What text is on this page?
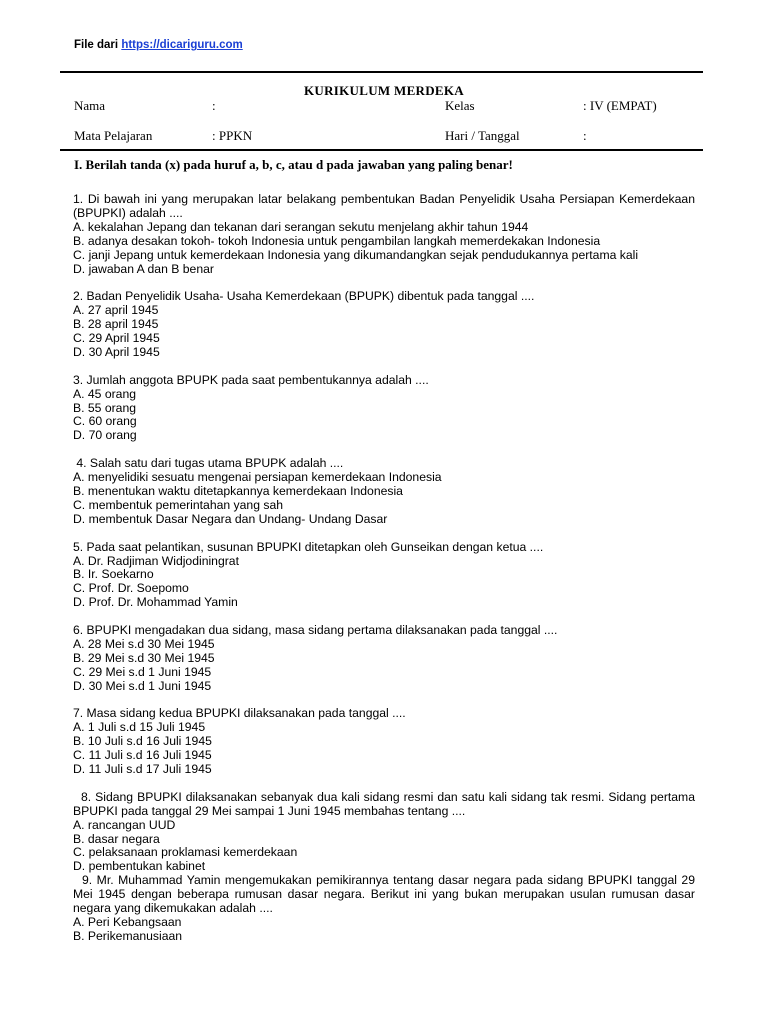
File dari https://dicariguru.com
KURIKULUM MERDEKA
Nama	:	Kelas	: IV (EMPAT)
Mata Pelajaran	: PPKN	Hari / Tanggal	:
I. Berilah tanda (x) pada huruf a, b, c, atau d pada jawaban yang paling benar!
1. Di bawah ini yang merupakan latar belakang pembentukan Badan Penyelidik Usaha Persiapan Kemerdekaan (BPUPKI) adalah ....
A. kekalahan Jepang dan tekanan dari serangan sekutu menjelang akhir tahun 1944
B. adanya desakan tokoh- tokoh Indonesia untuk pengambilan langkah memerdekakan Indonesia
C. janji Jepang untuk kemerdekaan Indonesia yang dikumandangkan sejak pendudukannya pertama kali
D. jawaban A dan B benar
2. Badan Penyelidik Usaha- Usaha Kemerdekaan (BPUPK) dibentuk pada tanggal ....
A. 27 april 1945
B. 28 april 1945
C. 29 April 1945
D. 30 April 1945
3. Jumlah anggota BPUPK pada saat pembentukannya adalah ....
A. 45 orang
B. 55 orang
C. 60 orang
D. 70 orang
4. Salah satu dari tugas utama BPUPK adalah ....
A. menyelidiki sesuatu mengenai persiapan kemerdekaan Indonesia
B. menentukan waktu ditetapkannya kemerdekaan Indonesia
C. membentuk pemerintahan yang sah
D. membentuk Dasar Negara dan Undang- Undang Dasar
5. Pada saat pelantikan, susunan BPUPKI ditetapkan oleh Gunseikan dengan ketua ....
A. Dr. Radjiman Widjodiningrat
B. Ir. Soekarno
C. Prof. Dr. Soepomo
D. Prof. Dr. Mohammad Yamin
6. BPUPKI mengadakan dua sidang, masa sidang pertama dilaksanakan pada tanggal ....
A. 28 Mei s.d 30 Mei 1945
B. 29 Mei s.d 30 Mei 1945
C. 29 Mei s.d 1 Juni 1945
D. 30 Mei s.d 1 Juni 1945
7. Masa sidang kedua BPUPKI dilaksanakan pada tanggal ....
A. 1 Juli s.d 15 Juli 1945
B. 10 Juli s.d 16 Juli 1945
C. 11 Juli s.d 16 Juli 1945
D. 11 Juli s.d 17 Juli 1945
8. Sidang BPUPKI dilaksanakan sebanyak dua kali sidang resmi dan satu kali sidang tak resmi. Sidang pertama BPUPKI pada tanggal 29 Mei sampai 1 Juni 1945 membahas tentang ....
A. rancangan UUD
B. dasar negara
C. pelaksanaan proklamasi kemerdekaan
D. pembentukan kabinet
9. Mr. Muhammad Yamin mengemukakan pemikirannya tentang dasar negara pada sidang BPUPKI tanggal 29 Mei 1945 dengan beberapa rumusan dasar negara. Berikut ini yang bukan merupakan usulan rumusan dasar negara yang dikemukakan adalah ....
A. Peri Kebangsaan
B. Perikemanusiaan
